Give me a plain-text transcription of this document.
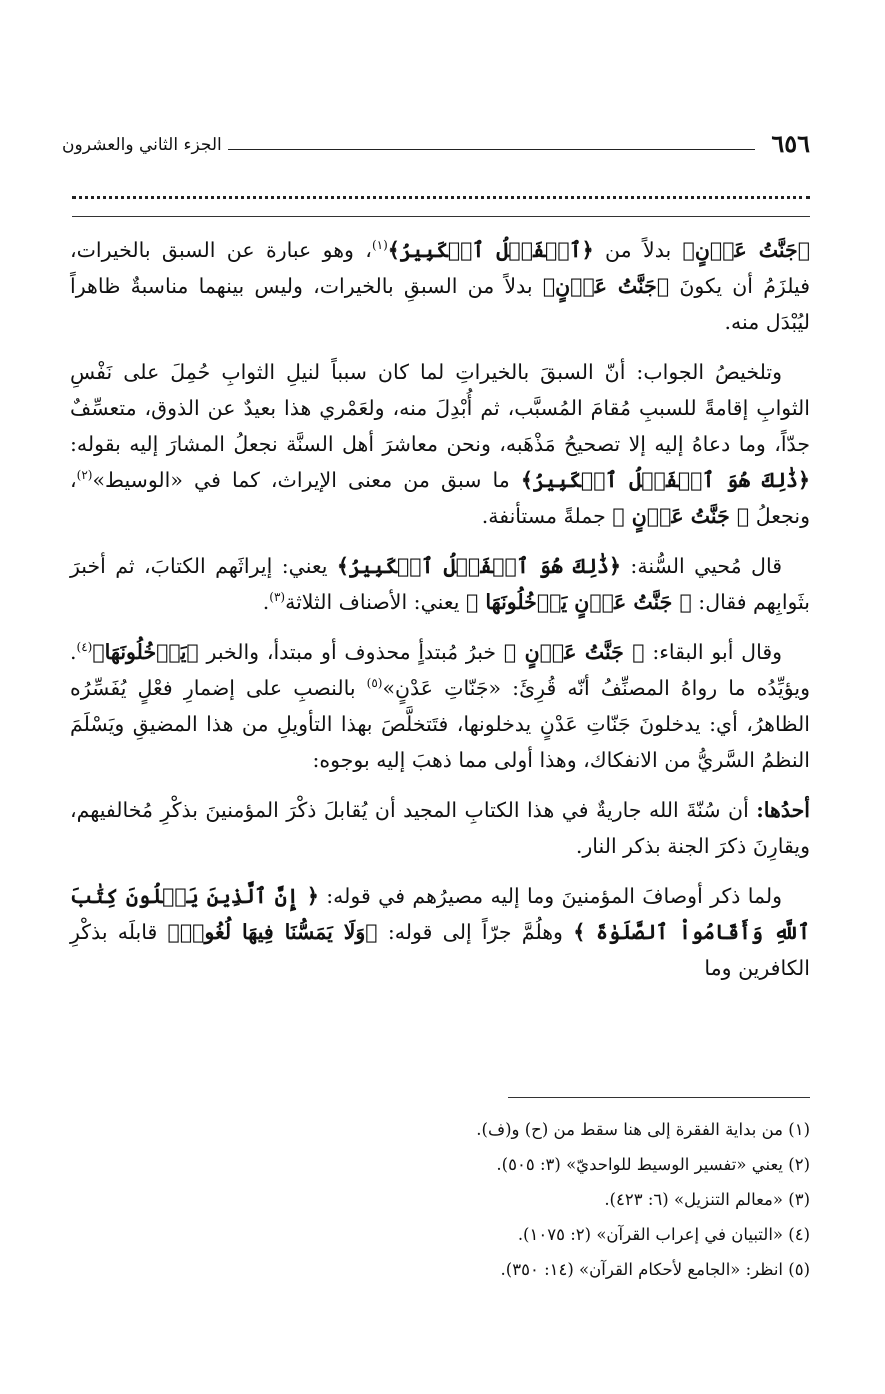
٦٥٦
الجزء الثاني والعشرون

﴿جَنَّتُ عَدۡنٍ﴾ بدلاً من ﴿ٱلۡفَضۡلُ ٱلۡكَبِيرُ﴾$^{(١)}$، وهو عبارة عن السبق بالخيرات، فيلزَمُ أن يكونَ ﴿جَنَّتُ عَدۡنٍ﴾ بدلاً من السبقِ بالخيرات، وليس بينهما مناسبةٌ ظاهراً ليُبْدَل منه.

وتلخيصُ الجواب: أنّ السبقَ بالخيراتِ لما كان سبباً لنيلِ الثوابِ حُمِلَ على نَفْسِ الثوابِ إقامةً للسببِ مُقامَ المُسبَّب، ثم أُبْدِلَ منه، ولعَمْري هذا بعيدٌ عن الذوق، متعسِّفٌ جدّاً، وما دعاهُ إليه إلا تصحيحُ مَذْهَبه، ونحن معاشرَ أهل السنَّة نجعلُ المشارَ إليه بقوله: ﴿ذَٰلِكَ هُوَ ٱلۡفَضۡلُ ٱلۡكَبِيرُ﴾ ما سبق من معنى الإيراث، كما في «الوسيط»$^{(٢)}$، ونجعلُ ﴿ جَنَّتُ عَدۡنٍ ﴾ جملةً مستأنفة.

قال مُحيي السُّنة: ﴿ذَٰلِكَ هُوَ ٱلۡفَضۡلُ ٱلۡكَبِيرُ﴾ يعني: إيراثَهم الكتابَ، ثم أخبرَ بثَوابِهم فقال: ﴿ جَنَّتُ عَدۡنٍ يَدۡخُلُونَهَا ﴾ يعني: الأصناف الثلاثة$^{(٣)}$.

وقال أبو البقاء: ﴿ جَنَّتُ عَدۡنٍ ﴾ خبرُ مُبتدأٍ محذوف أو مبتدأ، والخبر ﴿يَدۡخُلُونَهَا﴾$^{(٤)}$. ويؤيِّدُه ما رواهُ المصنِّفُ أنّه قُرِئَ: «جَنّاتِ عَدْنٍ»$^{(٥)}$ بالنصبِ على إضمارِ فعْلٍ يُفَسِّرُه الظاهرُ، أي: يدخلونَ جَنّاتِ عَدْنٍ يدخلونها، فتَتخلَّصَ بهذا التأويلِ من هذا المضيقِ ويَسْلَمَ النظمُ السَّريُّ من الانفكاك، وهذا أولى مما ذهبَ إليه بوجوه:

أحدُها: أن سُنّةَ الله جاريةٌ في هذا الكتابِ المجيد أن يُقابلَ ذكْرَ المؤمنينَ بذكْرِ مُخالفيهم، ويقارِنَ ذكرَ الجنة بذكر النار.

ولما ذكر أوصافَ المؤمنينَ وما إليه مصيرُهم في قوله: ﴿ إِنَّ ٱلَّذِينَ يَتۡلُونَ كِتَٰبَ ٱللَّهِ وَأَقَامُواْ ٱلصَّلَوٰةَ ﴾ وهلُمَّ جرّاً إلى قوله: ﴿وَلَا يَمَسُّنَا فِيهَا لُغُوبٞ﴾ قابلَه بذكْرِ الكافرين وما

(١) من بداية الفقرة إلى هنا سقط من (ح) و(ف).
(٢) يعني «تفسير الوسيط للواحديّ» (٣: ٥٠٥).
(٣) «معالم التنزيل» (٦: ٤٢٣).
(٤) «التبيان في إعراب القرآن» (٢: ١٠٧٥).
(٥) انظر: «الجامع لأحكام القرآن» (١٤: ٣٥٠).
